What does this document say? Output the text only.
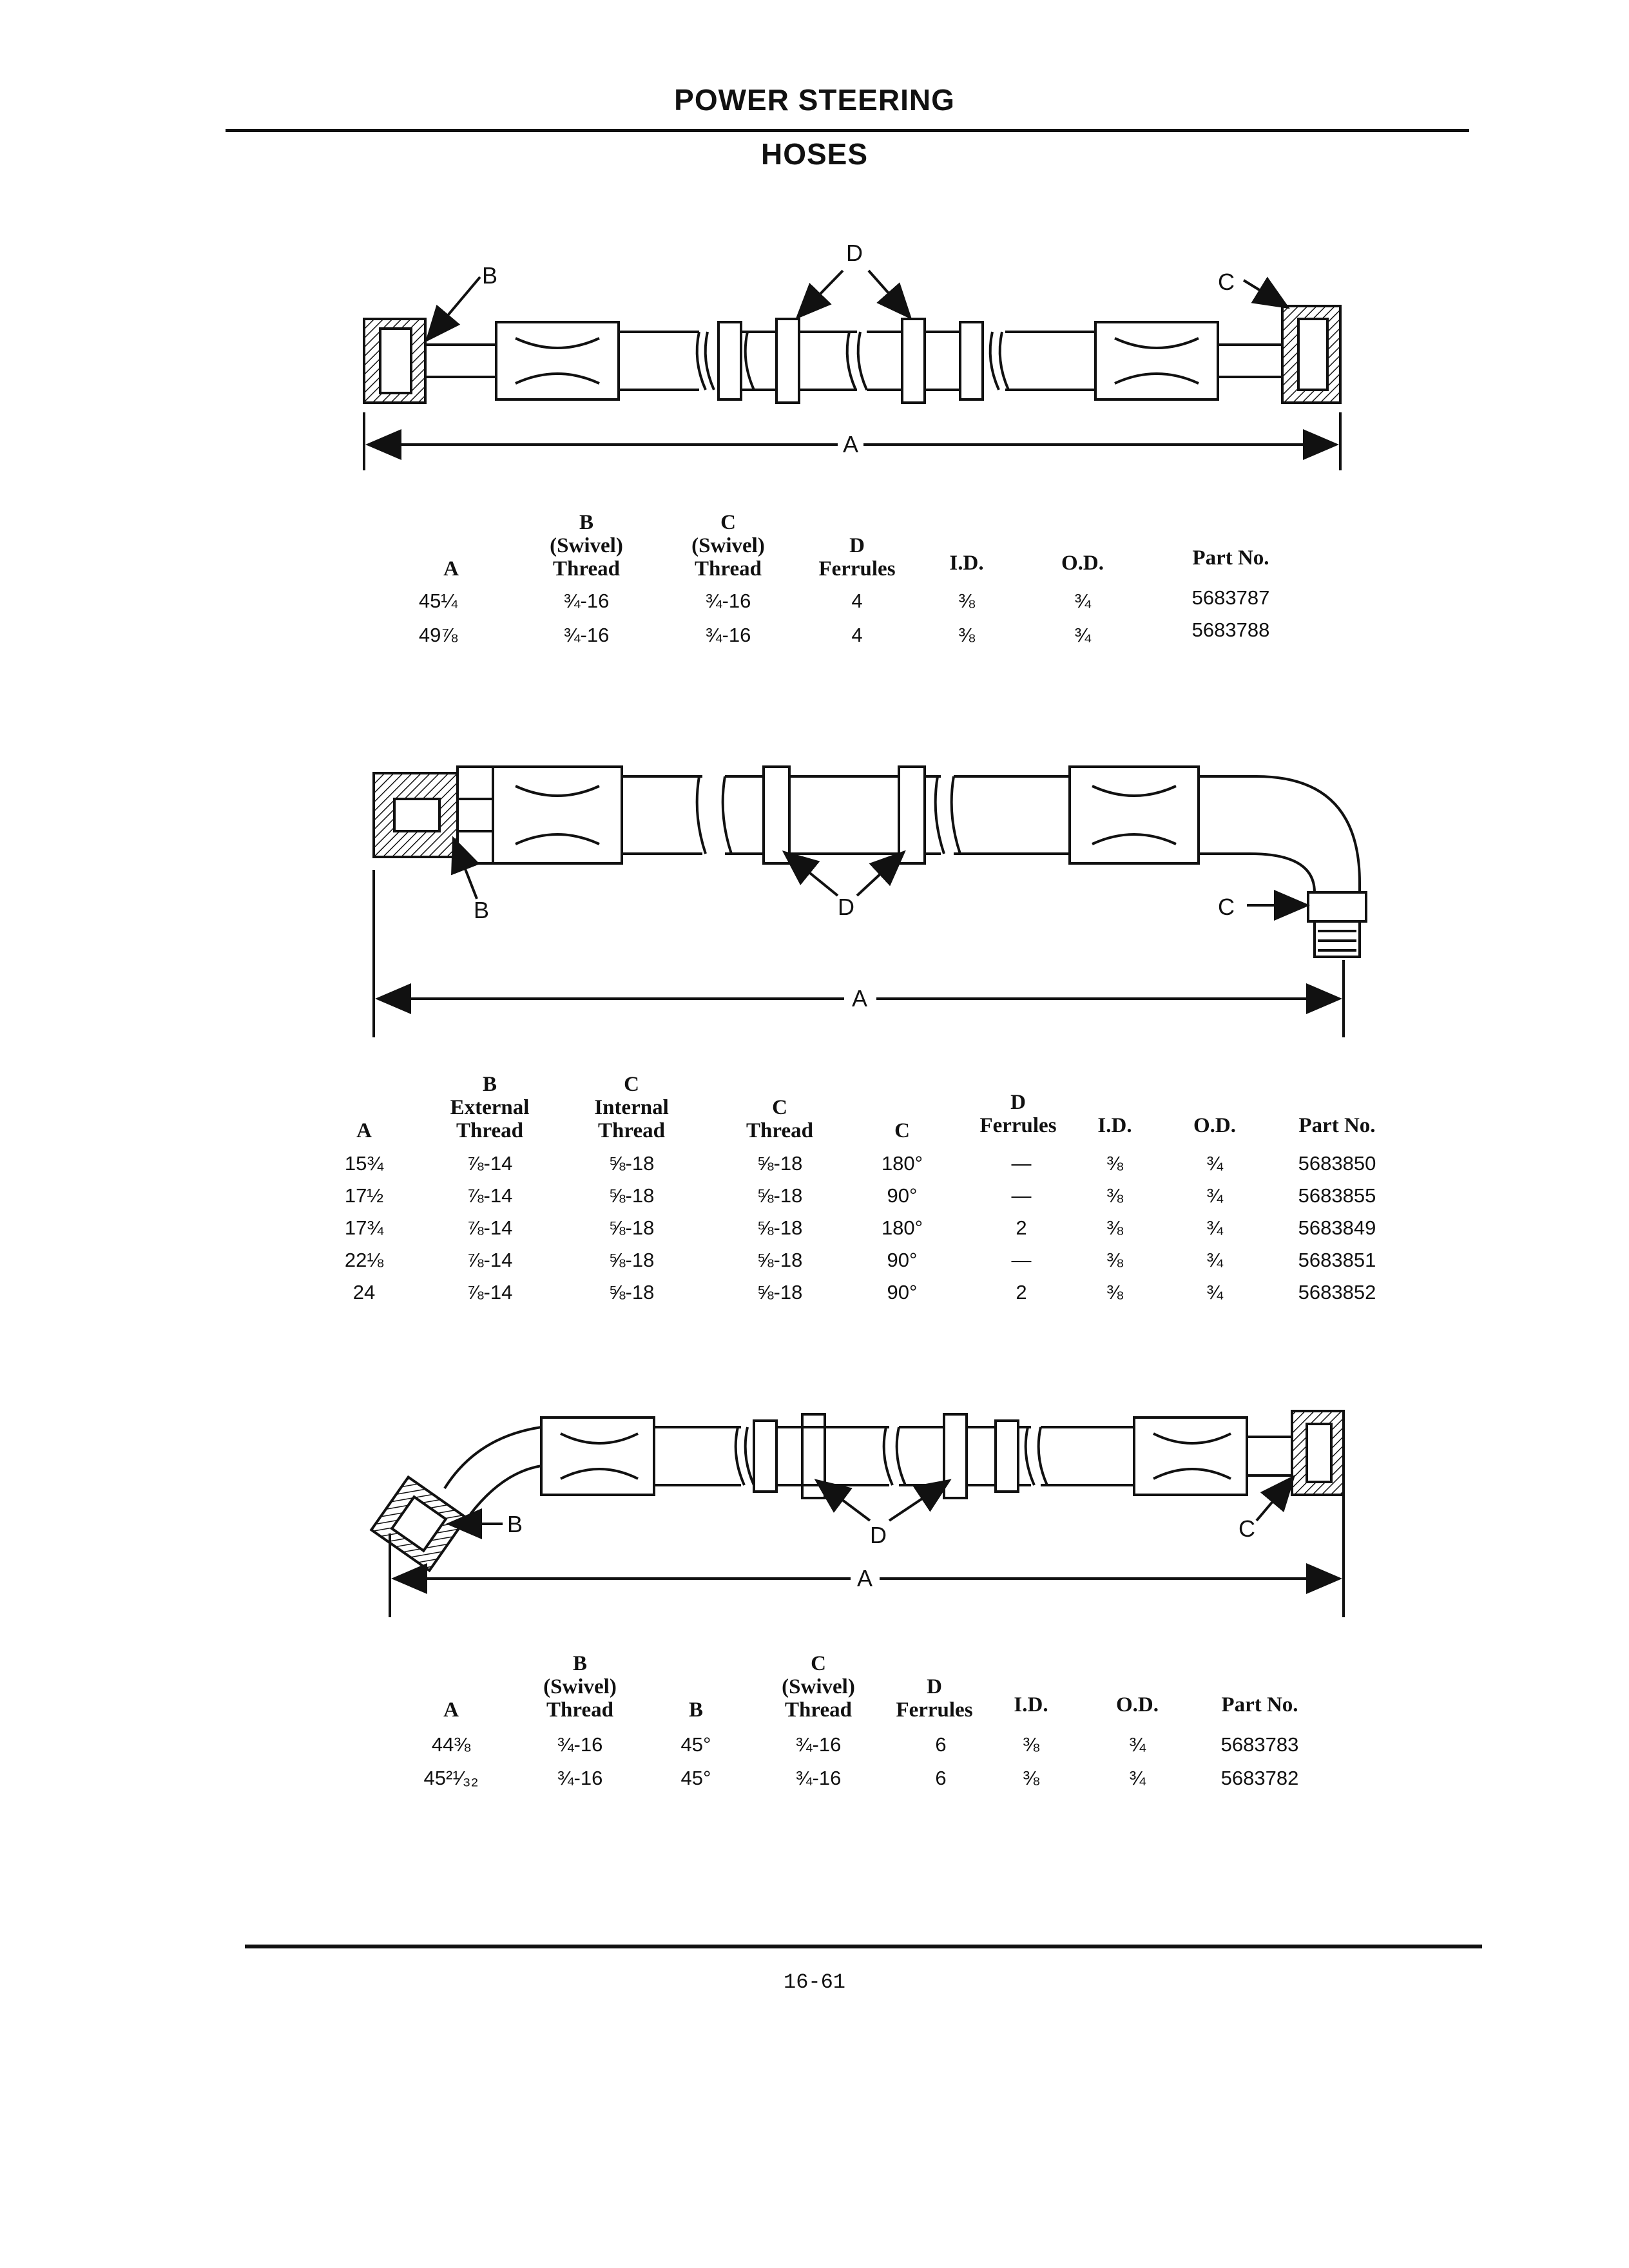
POWER STEERING
HOSES
B
D
C
A
B	D	C
A
B	D	C
A
A
B
(Swivel)
Thread
C
(Swivel)
Thread
D
Ferrules	I.D.	O.D.	Part No.
45¼	¾-16	¾-16	4	⅜	¾	5683787
49⅞	¾-16	¾-16	4	⅜	¾	5683788
A
B
External
Thread
C
Internal
Thread
C
Thread	C
D
Ferrules	I.D.	O.D.	Part No.
15¾	⅞-14	⅝-18	⅝-18	180°	—	⅜	¾	5683850
17½	⅞-14	⅝-18	⅝-18	90°	—	⅜	¾	5683855
17¾	⅞-14	⅝-18	⅝-18	180°	2	⅜	¾	5683849
22⅛	⅞-14	⅝-18	⅝-18	90°	—	⅜	¾	5683851
24	⅞-14	⅝-18	⅝-18	90°	2	⅜	¾	5683852
A
B
(Swivel)
Thread	B
C
(Swivel)
Thread
D
Ferrules	I.D.	O.D.	Part No.
44⅜	¾-16	45°	¾-16	6	⅜	¾	5683783
45²¹⁄₃₂	¾-16	45°	¾-16	6	⅜	¾	5683782
16-61
